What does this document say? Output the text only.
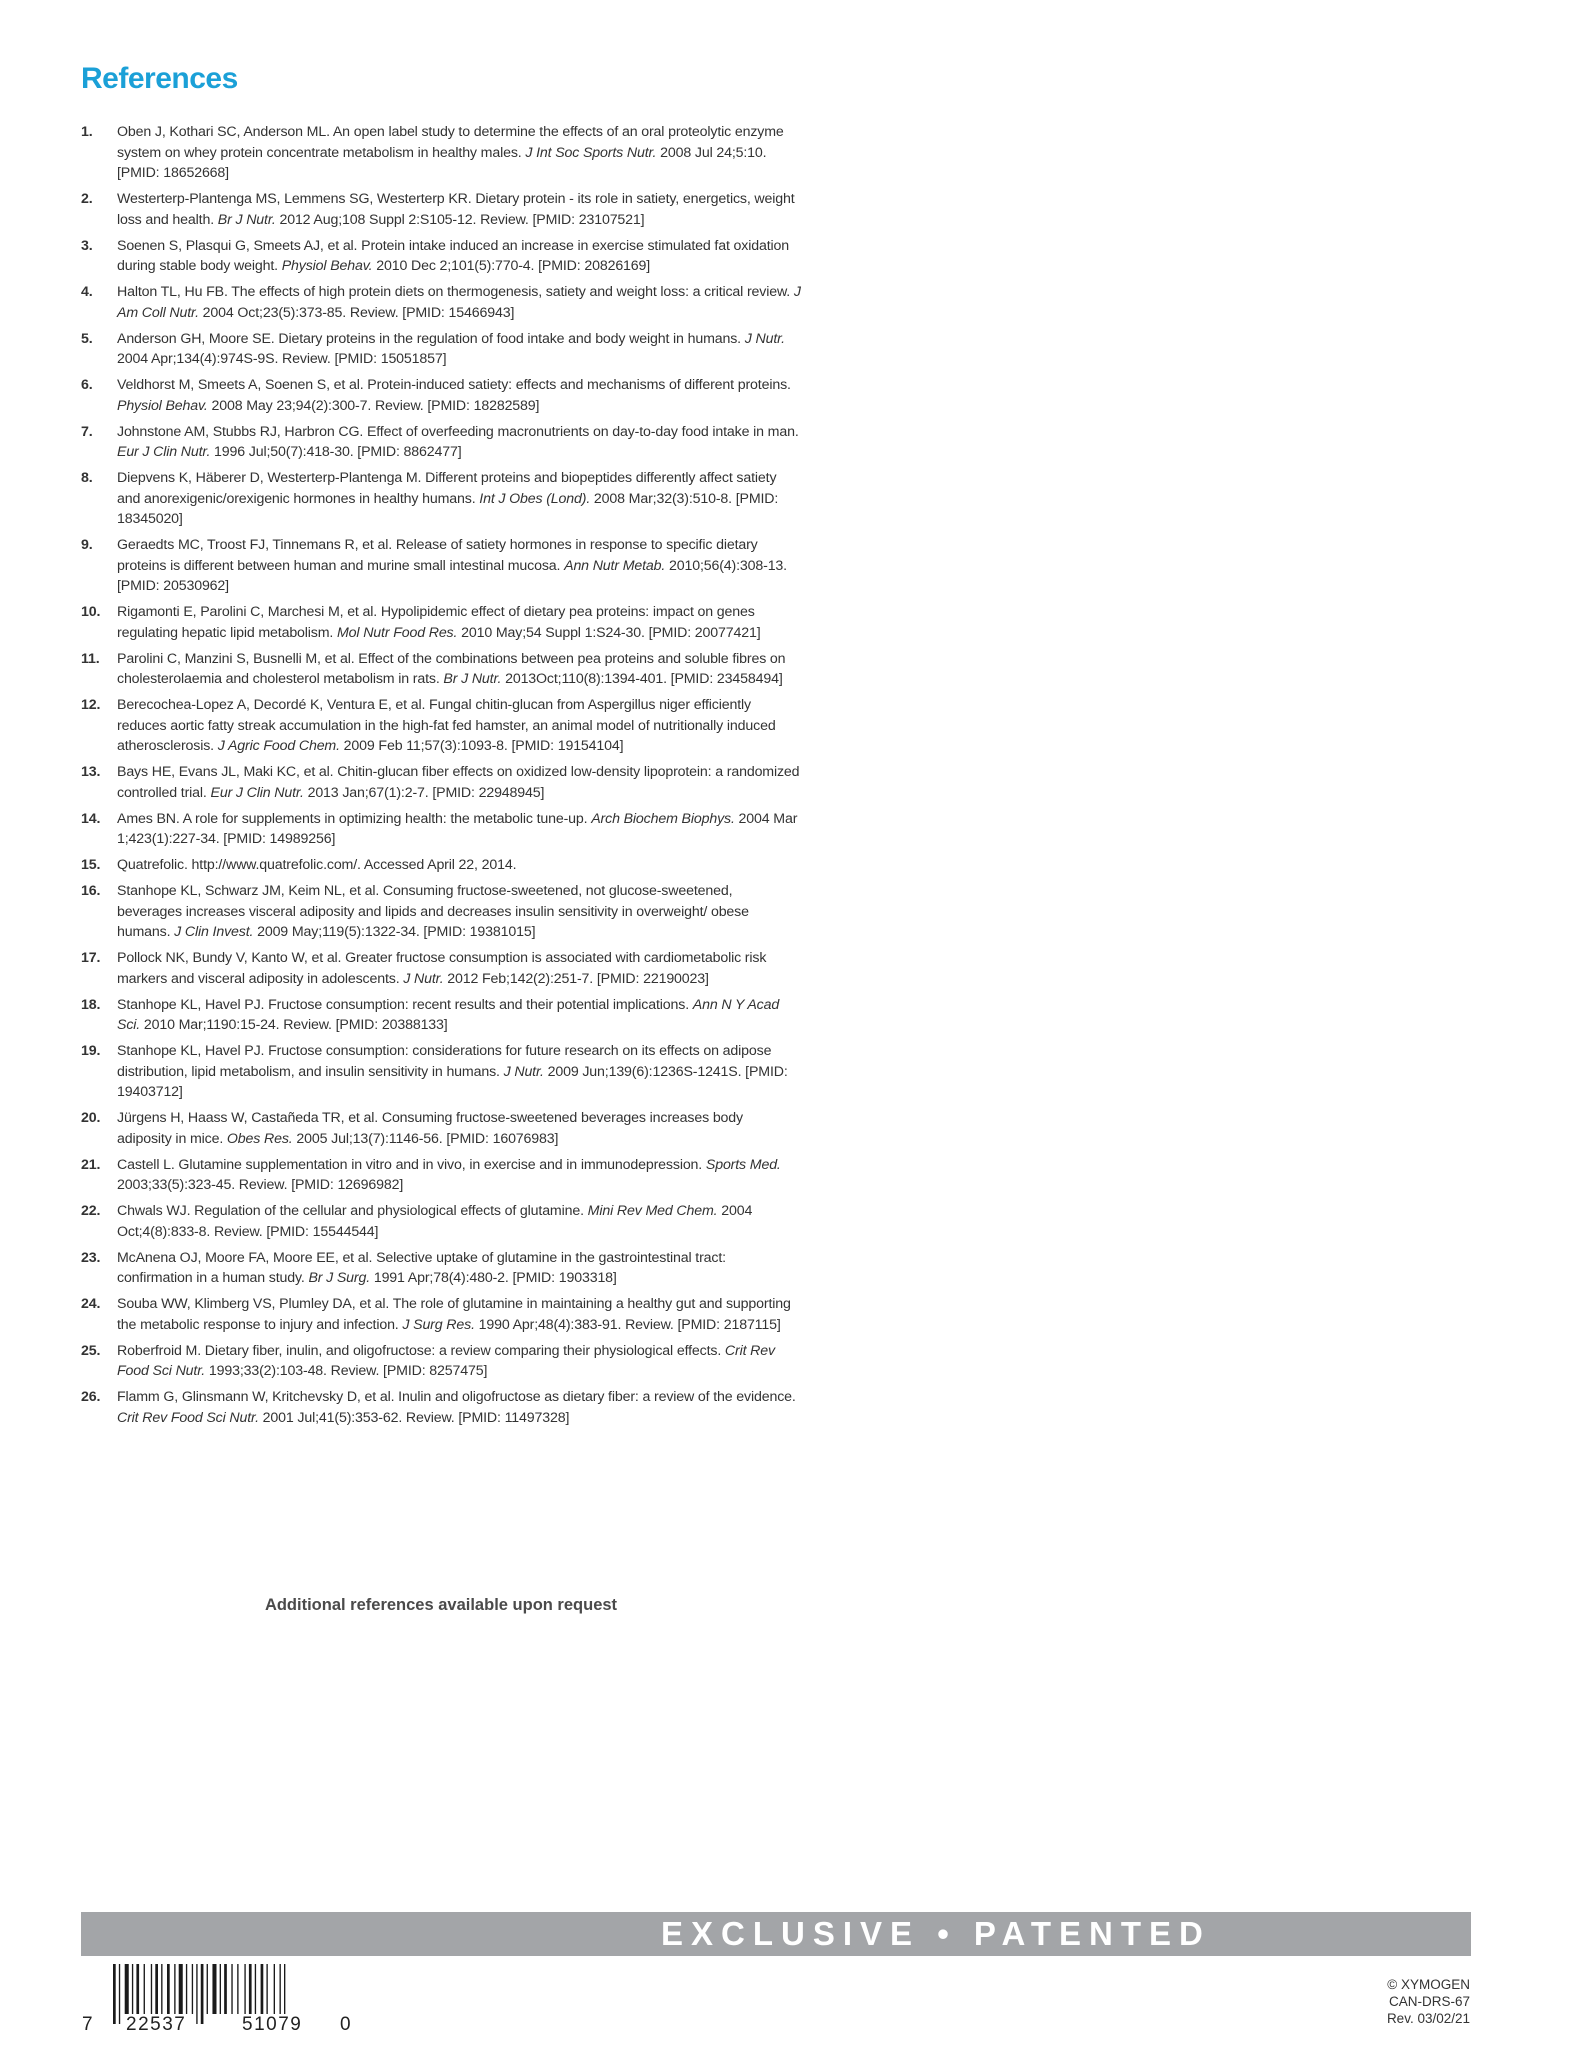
References
1. Oben J, Kothari SC, Anderson ML. An open label study to determine the effects of an oral proteolytic enzyme system on whey protein concentrate metabolism in healthy males. J Int Soc Sports Nutr. 2008 Jul 24;5:10. [PMID: 18652668]
2. Westerterp-Plantenga MS, Lemmens SG, Westerterp KR. Dietary protein - its role in satiety, energetics, weight loss and health. Br J Nutr. 2012 Aug;108 Suppl 2:S105-12. Review. [PMID: 23107521]
3. Soenen S, Plasqui G, Smeets AJ, et al. Protein intake induced an increase in exercise stimulated fat oxidation during stable body weight. Physiol Behav. 2010 Dec 2;101(5):770-4. [PMID: 20826169]
4. Halton TL, Hu FB. The effects of high protein diets on thermogenesis, satiety and weight loss: a critical review. J Am Coll Nutr. 2004 Oct;23(5):373-85. Review. [PMID: 15466943]
5. Anderson GH, Moore SE. Dietary proteins in the regulation of food intake and body weight in humans. J Nutr. 2004 Apr;134(4):974S-9S. Review. [PMID: 15051857]
6. Veldhorst M, Smeets A, Soenen S, et al. Protein-induced satiety: effects and mechanisms of different proteins. Physiol Behav. 2008 May 23;94(2):300-7. Review. [PMID: 18282589]
7. Johnstone AM, Stubbs RJ, Harbron CG. Effect of overfeeding macronutrients on day-to-day food intake in man. Eur J Clin Nutr. 1996 Jul;50(7):418-30. [PMID: 8862477]
8. Diepvens K, Häberer D, Westerterp-Plantenga M. Different proteins and biopeptides differently affect satiety and anorexigenic/orexigenic hormones in healthy humans. Int J Obes (Lond). 2008 Mar;32(3):510-8. [PMID: 18345020]
9. Geraedts MC, Troost FJ, Tinnemans R, et al. Release of satiety hormones in response to specific dietary proteins is different between human and murine small intestinal mucosa. Ann Nutr Metab. 2010;56(4):308-13. [PMID: 20530962]
10. Rigamonti E, Parolini C, Marchesi M, et al. Hypolipidemic effect of dietary pea proteins: impact on genes regulating hepatic lipid metabolism. Mol Nutr Food Res. 2010 May;54 Suppl 1:S24-30. [PMID: 20077421]
11. Parolini C, Manzini S, Busnelli M, et al. Effect of the combinations between pea proteins and soluble fibres on cholesterolaemia and cholesterol metabolism in rats. Br J Nutr. 2013Oct;110(8):1394-401. [PMID: 23458494]
12. Berecochea-Lopez A, Decordé K, Ventura E, et al. Fungal chitin-glucan from Aspergillus niger efficiently reduces aortic fatty streak accumulation in the high-fat fed hamster, an animal model of nutritionally induced atherosclerosis. J Agric Food Chem. 2009 Feb 11;57(3):1093-8. [PMID: 19154104]
13. Bays HE, Evans JL, Maki KC, et al. Chitin-glucan fiber effects on oxidized low-density lipoprotein: a randomized controlled trial. Eur J Clin Nutr. 2013 Jan;67(1):2-7. [PMID: 22948945]
14. Ames BN. A role for supplements in optimizing health: the metabolic tune-up. Arch Biochem Biophys. 2004 Mar 1;423(1):227-34. [PMID: 14989256]
15. Quatrefolic. http://www.quatrefolic.com/. Accessed April 22, 2014.
16. Stanhope KL, Schwarz JM, Keim NL, et al. Consuming fructose-sweetened, not glucose-sweetened, beverages increases visceral adiposity and lipids and decreases insulin sensitivity in overweight/ obese humans. J Clin Invest. 2009 May;119(5):1322-34. [PMID: 19381015]
17. Pollock NK, Bundy V, Kanto W, et al. Greater fructose consumption is associated with cardiometabolic risk markers and visceral adiposity in adolescents. J Nutr. 2012 Feb;142(2):251-7. [PMID: 22190023]
18. Stanhope KL, Havel PJ. Fructose consumption: recent results and their potential implications. Ann N Y Acad Sci. 2010 Mar;1190:15-24. Review. [PMID: 20388133]
19. Stanhope KL, Havel PJ. Fructose consumption: considerations for future research on its effects on adipose distribution, lipid metabolism, and insulin sensitivity in humans. J Nutr. 2009 Jun;139(6):1236S-1241S. [PMID: 19403712]
20. Jürgens H, Haass W, Castañeda TR, et al. Consuming fructose-sweetened beverages increases body adiposity in mice. Obes Res. 2005 Jul;13(7):1146-56. [PMID: 16076983]
21. Castell L. Glutamine supplementation in vitro and in vivo, in exercise and in immunodepression. Sports Med. 2003;33(5):323-45. Review. [PMID: 12696982]
22. Chwals WJ. Regulation of the cellular and physiological effects of glutamine. Mini Rev Med Chem. 2004 Oct;4(8):833-8. Review. [PMID: 15544544]
23. McAnena OJ, Moore FA, Moore EE, et al. Selective uptake of glutamine in the gastrointestinal tract: confirmation in a human study. Br J Surg. 1991 Apr;78(4):480-2. [PMID: 1903318]
24. Souba WW, Klimberg VS, Plumley DA, et al. The role of glutamine in maintaining a healthy gut and supporting the metabolic response to injury and infection. J Surg Res. 1990 Apr;48(4):383-91. Review. [PMID: 2187115]
25. Roberfroid M. Dietary fiber, inulin, and oligofructose: a review comparing their physiological effects. Crit Rev Food Sci Nutr. 1993;33(2):103-48. Review. [PMID: 8257475]
26. Flamm G, Glinsmann W, Kritchevsky D, et al. Inulin and oligofructose as dietary fiber: a review of the evidence. Crit Rev Food Sci Nutr. 2001 Jul;41(5):353-62. Review. [PMID: 11497328]

Additional references available upon request

EXCLUSIVE • PATENTED
7 22537	51079 0
© XYMOGEN
CAN-DRS-67
Rev. 03/02/21
